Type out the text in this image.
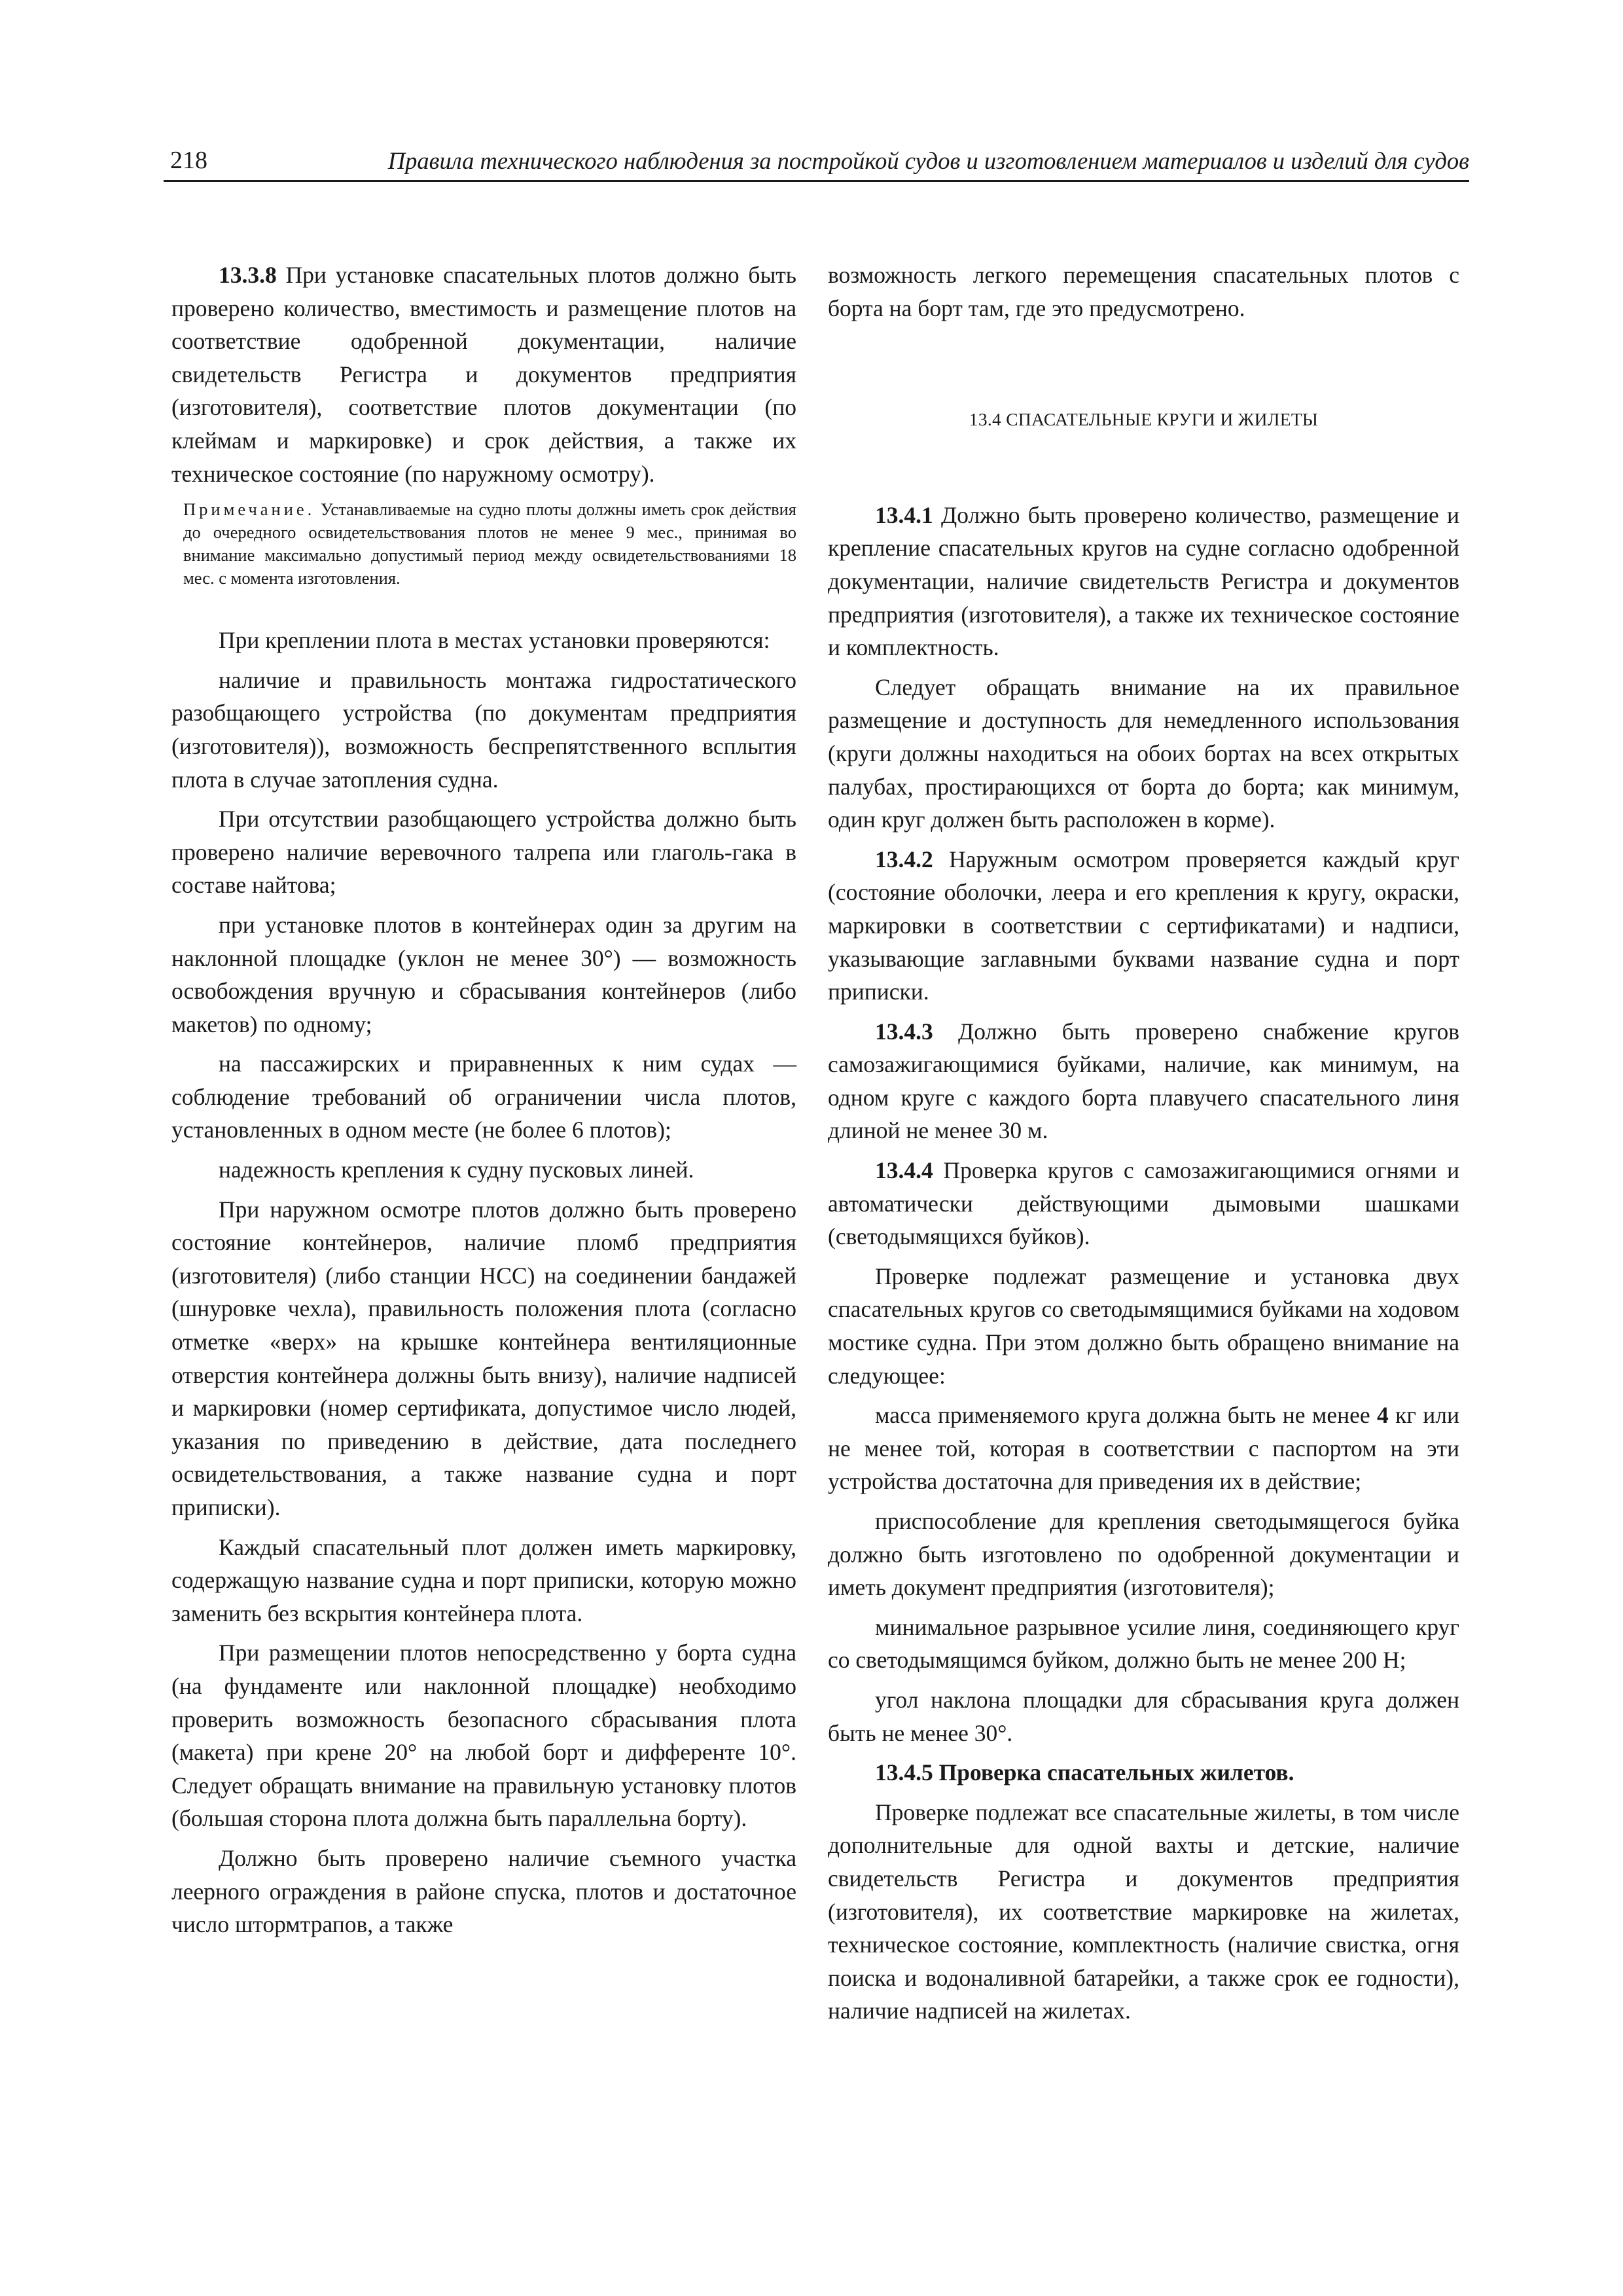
218	Правила технического наблюдения за постройкой судов и изготовлением материалов и изделий для судов

13.3.8 При установке спасательных плотов должно быть проверено количество, вместимость и размещение плотов на соответствие одобренной документации, наличие свидетельств Регистра и документов предприятия (изготовителя), соответствие плотов документации (по клеймам и маркировке) и срок действия, а также их техническое состояние (по наружному осмотру).

Примечание. Устанавливаемые на судно плоты должны иметь срок действия до очередного освидетельствования плотов не менее 9 мес., принимая во внимание максимально допустимый период между освидетельствованиями 18 мес. с момента изготовления.

При креплении плота в местах установки проверяются:

наличие и правильность монтажа гидростатического разобщающего устройства (по документам предприятия (изготовителя)), возможность беспрепятственного всплытия плота в случае затопления судна.

При отсутствии разобщающего устройства должно быть проверено наличие веревочного талрепа или глаголь-гака в составе найтова;

при установке плотов в контейнерах один за другим на наклонной площадке (уклон не менее 30°) — возможность освобождения вручную и сбрасывания контейнеров (либо макетов) по одному;

на пассажирских и приравненных к ним судах — соблюдение требований об ограничении числа плотов, установленных в одном месте (не более 6 плотов);

надежность крепления к судну пусковых линей.

При наружном осмотре плотов должно быть проверено состояние контейнеров, наличие пломб предприятия (изготовителя) (либо станции НСС) на соединении бандажей (шнуровке чехла), правильность положения плота (согласно отметке «верх» на крышке контейнера вентиляционные отверстия контейнера должны быть внизу), наличие надписей и маркировки (номер сертификата, допустимое число людей, указания по приведению в действие, дата последнего освидетельствования, а также название судна и порт приписки).

Каждый спасательный плот должен иметь маркировку, содержащую название судна и порт приписки, которую можно заменить без вскрытия контейнера плота.

При размещении плотов непосредственно у борта судна (на фундаменте или наклонной площадке) необходимо проверить возможность безопасного сбрасывания плота (макета) при крене 20° на любой борт и дифференте 10°. Следует обращать внимание на правильную установку плотов (большая сторона плота должна быть параллельна борту).

Должно быть проверено наличие съемного участка леерного ограждения в районе спуска, плотов и достаточное число штормтрапов, а также

возможность легкого перемещения спасательных плотов с борта на борт там, где это предусмотрено.

13.4 СПАСАТЕЛЬНЫЕ КРУГИ И ЖИЛЕТЫ

13.4.1 Должно быть проверено количество, размещение и крепление спасательных кругов на судне согласно одобренной документации, наличие свидетельств Регистра и документов предприятия (изготовителя), а также их техническое состояние и комплектность.

Следует обращать внимание на их правильное размещение и доступность для немедленного использования (круги должны находиться на обоих бортах на всех открытых палубах, простирающихся от борта до борта; как минимум, один круг должен быть расположен в корме).

13.4.2 Наружным осмотром проверяется каждый круг (состояние оболочки, леера и его крепления к кругу, окраски, маркировки в соответствии с сертификатами) и надписи, указывающие заглавными буквами название судна и порт приписки.

13.4.3 Должно быть проверено снабжение кругов самозажигающимися буйками, наличие, как минимум, на одном круге с каждого борта плавучего спасательного линя длиной не менее 30 м.

13.4.4 Проверка кругов с самозажигающимися огнями и автоматически действующими дымовыми шашками (светодымящихся буйков).

Проверке подлежат размещение и установка двух спасательных кругов со светодымящимися буйками на ходовом мостике судна. При этом должно быть обращено внимание на следующее:

масса применяемого круга должна быть не менее 4 кг или не менее той, которая в соответствии с паспортом на эти устройства достаточна для приведения их в действие;

приспособление для крепления светодымящегося буйка должно быть изготовлено по одобренной документации и иметь документ предприятия (изготовителя);

минимальное разрывное усилие линя, соединяющего круг со светодымящимся буйком, должно быть не менее 200 Н;

угол наклона площадки для сбрасывания круга должен быть не менее 30°.

13.4.5 Проверка спасательных жилетов.

Проверке подлежат все спасательные жилеты, в том числе дополнительные для одной вахты и детские, наличие свидетельств Регистра и документов предприятия (изготовителя), их соответствие маркировке на жилетах, техническое состояние, комплектность (наличие свистка, огня поиска и водоналивной батарейки, а также срок ее годности), наличие надписей на жилетах.
